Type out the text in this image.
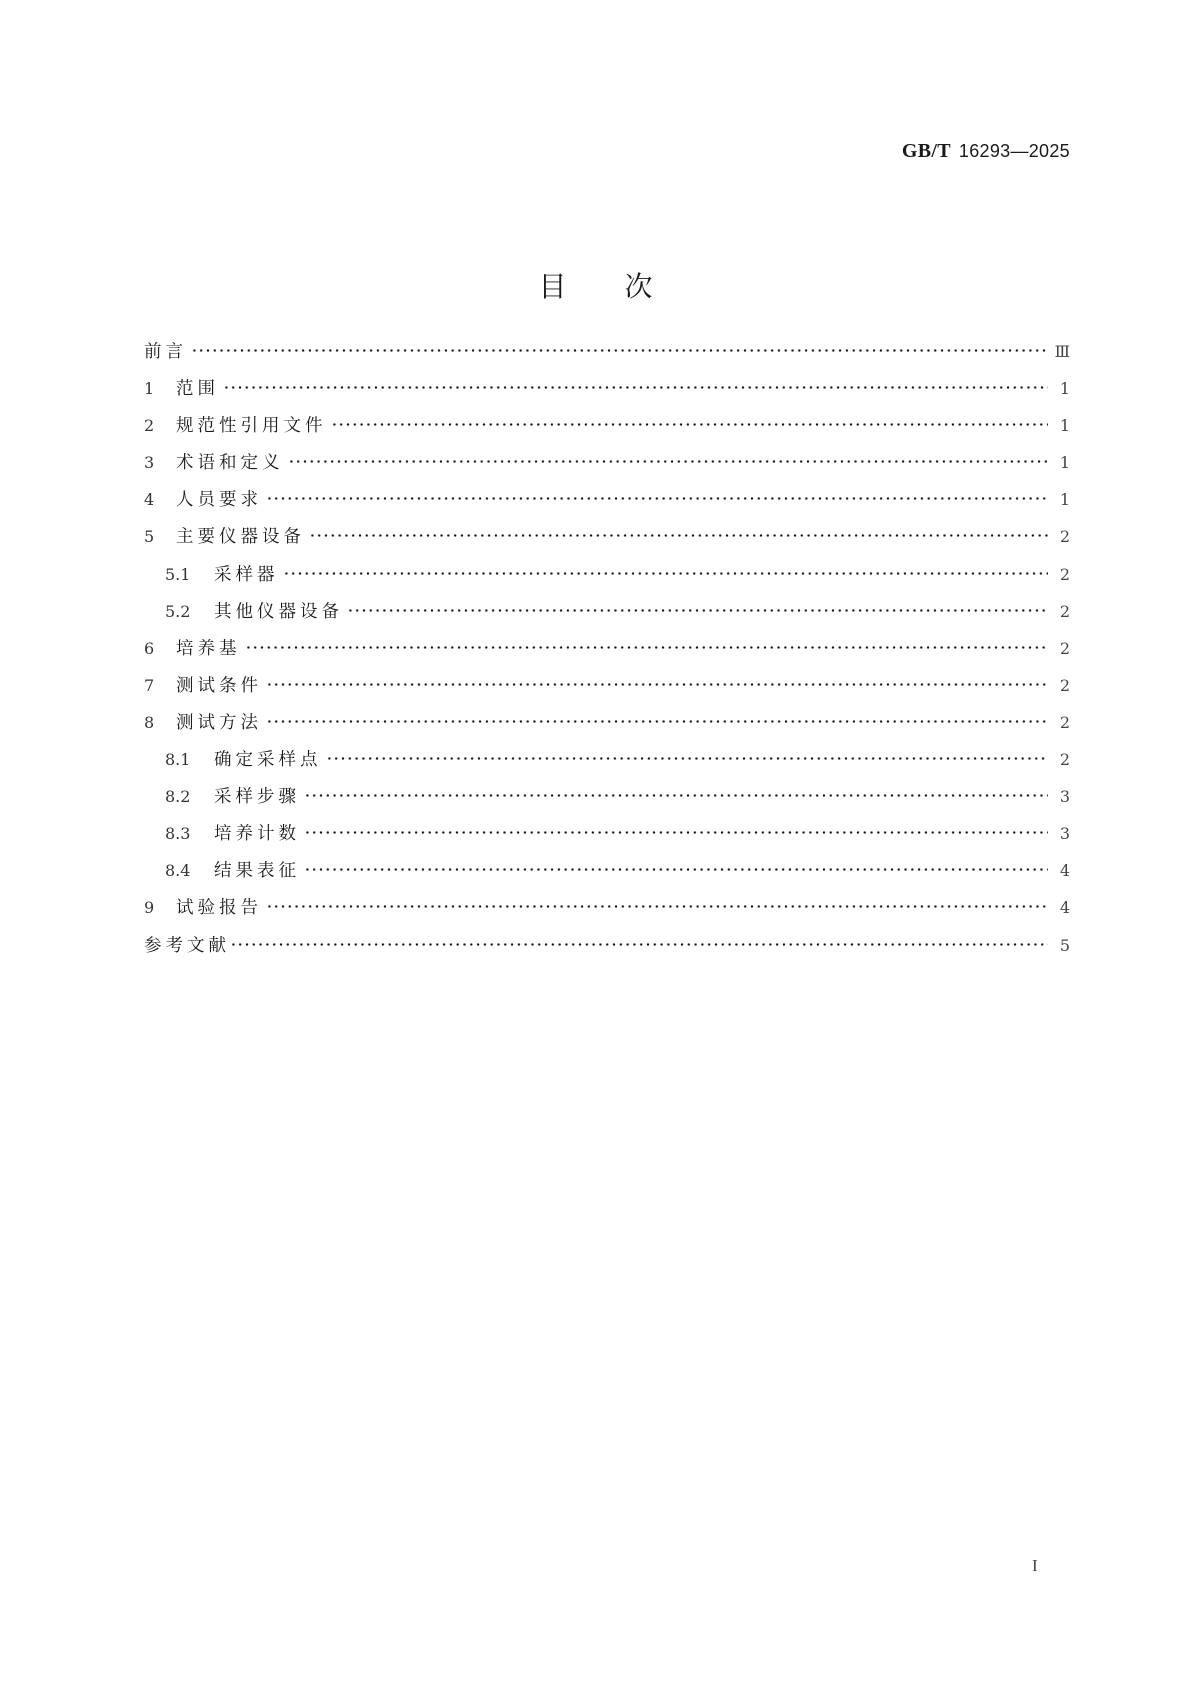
GB/T 16293—2025
目次
前言	Ⅲ
1	范围	1
2	规范性引用文件	1
3	术语和定义	1
4	人员要求	1
5	主要仪器设备	2
5.1	采样器	2
5.2	其他仪器设备	2
6	培养基	2
7	测试条件	2
8	测试方法	2
8.1	确定采样点	2
8.2	采样步骤	3
8.3	培养计数	3
8.4	结果表征	4
9	试验报告	4
参考文献	5
I
